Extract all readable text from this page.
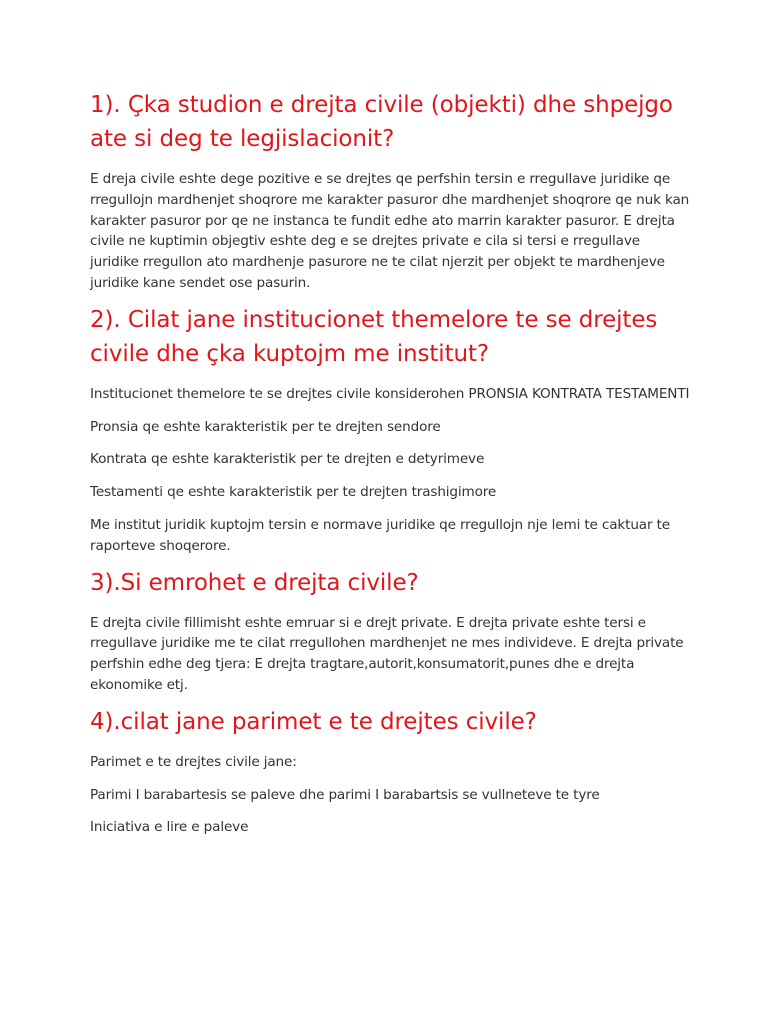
1). Çka studion e drejta civile (objekti) dhe shpejgo ate si deg te legjislacionit?

E dreja civile eshte dege pozitive e se drejtes qe perfshin tersin e rregullave juridike qe rregullojn mardhenjet shoqrore me karakter pasuror dhe mardhenjet shoqrore qe nuk kan karakter pasuror por qe ne instanca te fundit edhe ato marrin karakter pasuror. E drejta civile ne kuptimin objegtiv eshte deg e se drejtes private e cila si tersi e rregullave juridike rregullon ato mardhenje pasurore ne te cilat njerzit per objekt te mardhenjeve juridike kane sendet ose pasurin.

2). Cilat jane institucionet themelore te se drejtes civile dhe çka kuptojm me institut?

Institucionet themelore te se drejtes civile konsiderohen PRONSIA KONTRATA TESTAMENTI

Pronsia qe eshte karakteristik per te drejten sendore

Kontrata qe eshte karakteristik per te drejten e detyrimeve

Testamenti qe eshte karakteristik per te drejten trashigimore

Me institut juridik kuptojm tersin e normave juridike qe rregullojn nje lemi te caktuar te raporteve shoqerore.

3).Si emrohet e drejta civile?

E drejta civile fillimisht eshte emruar si e drejt private. E drejta private eshte tersi e rregullave juridike me te cilat rregullohen mardhenjet ne mes individeve. E drejta private perfshin edhe deg tjera: E drejta tragtare,autorit,konsumatorit,punes dhe e drejta ekonomike etj.

4).cilat jane parimet e te drejtes civile?

Parimet e te drejtes civile jane:

Parimi I barabartesis se paleve dhe parimi I barabartsis se vullneteve te tyre

Iniciativa e lire e paleve
